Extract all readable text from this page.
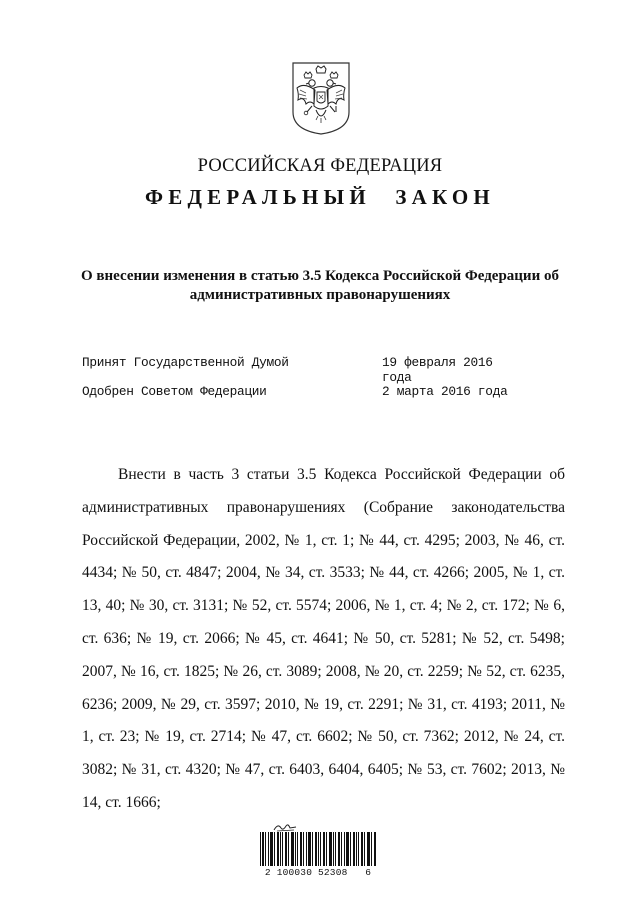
РОССИЙСКАЯ ФЕДЕРАЦИЯ
ФЕДЕРАЛЬНЫЙ ЗАКОН
О внесении изменения в статью 3.5 Кодекса Российской Федерации об административных правонарушениях
Принят Государственной Думой	19 февраля 2016 года
Одобрен Советом Федерации	2 марта 2016 года

Внести в часть 3 статьи 3.5 Кодекса Российской Федерации об административных правонарушениях (Собрание законодательства Российской Федерации, 2002, № 1, ст. 1; № 44, ст. 4295; 2003, № 46, ст. 4434; № 50, ст. 4847; 2004, № 34, ст. 3533; № 44, ст. 4266; 2005, № 1, ст. 13, 40; № 30, ст. 3131; № 52, ст. 5574; 2006, № 1, ст. 4; № 2, ст. 172; № 6, ст. 636; № 19, ст. 2066; № 45, ст. 4641; № 50, ст. 5281; № 52, ст. 5498; 2007, № 16, ст. 1825; № 26, ст. 3089; 2008, № 20, ст. 2259; № 52, ст. 6235, 6236; 2009, № 29, ст. 3597; 2010, № 19, ст. 2291; № 31, ст. 4193; 2011, № 1, ст. 23; № 19, ст. 2714; № 47, ст. 6602; № 50, ст. 7362; 2012, № 24, ст. 3082; № 31, ст. 4320; № 47, ст. 6403, 6404, 6405; № 53, ст. 7602; 2013, № 14, ст. 1666;

2 100030 52308   6
